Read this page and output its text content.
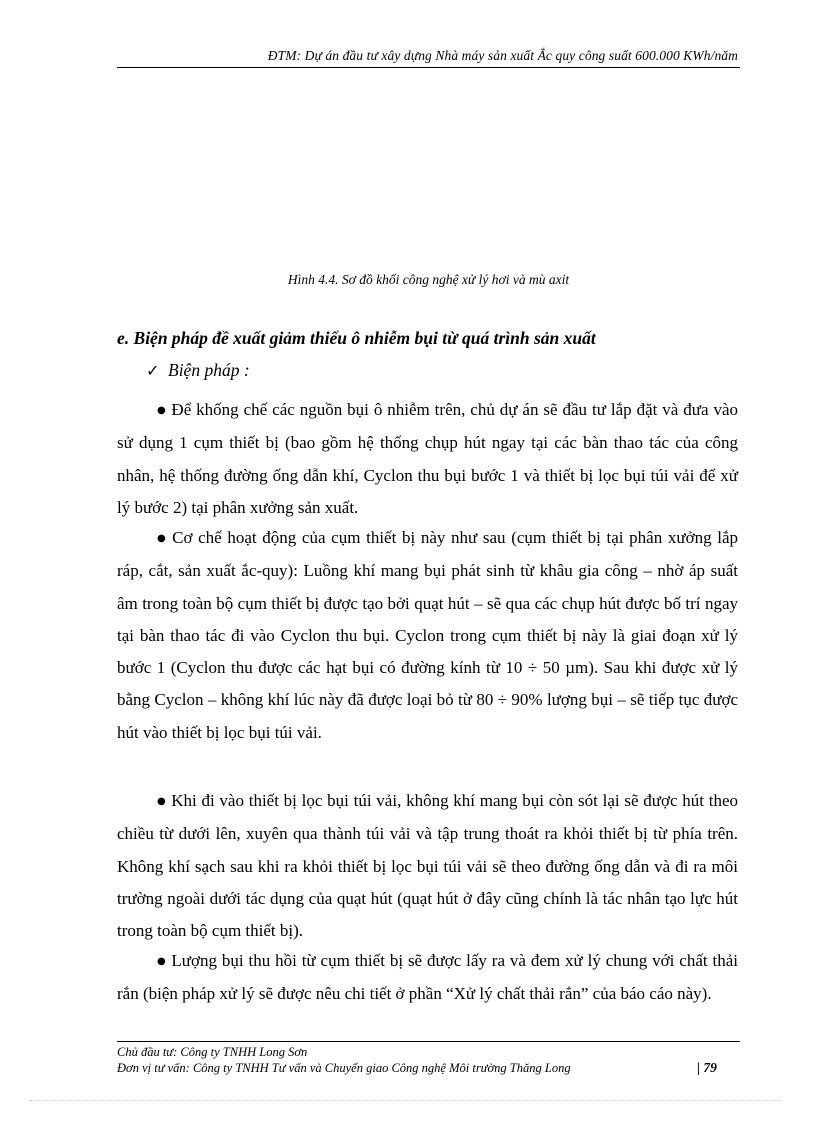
ĐTM: Dự án đầu tư xây dựng Nhà máy sản xuất Ắc quy công suất 600.000 KWh/năm
Hình 4.4. Sơ đồ khối công nghệ xử lý hơi và mù axit
e. Biện pháp đề xuất giảm thiểu ô nhiễm bụi từ quá trình sản xuất
✓ Biện pháp :

● Để khống chế các nguồn bụi ô nhiễm trên, chủ dự án sẽ đầu tư lắp đặt và đưa vào sử dụng 1 cụm thiết bị (bao gồm hệ thống chụp hút ngay tại các bàn thao tác của công nhân, hệ thống đường ống dẫn khí, Cyclon thu bụi bước 1 và thiết bị lọc bụi túi vải để xử lý bước 2) tại phân xưởng sản xuất.

● Cơ chế hoạt động của cụm thiết bị này như sau (cụm thiết bị tại phân xưởng lắp ráp, cắt, sản xuất ắc-quy): Luồng khí mang bụi phát sinh từ khâu gia công – nhờ áp suất âm trong toàn bộ cụm thiết bị được tạo bởi quạt hút – sẽ qua các chụp hút được bố trí ngay tại bàn thao tác đi vào Cyclon thu bụi. Cyclon trong cụm thiết bị này là giai đoạn xử lý bước 1 (Cyclon thu được các hạt bụi có đường kính từ 10 ÷ 50 µm). Sau khi được xử lý bằng Cyclon – không khí lúc này đã được loại bỏ từ 80 ÷ 90% lượng bụi – sẽ tiếp tục được hút vào thiết bị lọc bụi túi vải.

● Khi đi vào thiết bị lọc bụi túi vải, không khí mang bụi còn sót lại sẽ được hút theo chiều từ dưới lên, xuyên qua thành túi vải và tập trung thoát ra khỏi thiết bị từ phía trên. Không khí sạch sau khi ra khỏi thiết bị lọc bụi túi vải sẽ theo đường ống dẫn và đi ra môi trường ngoài dưới tác dụng của quạt hút (quạt hút ở đây cũng chính là tác nhân tạo lực hút trong toàn bộ cụm thiết bị).

● Lượng bụi thu hồi từ cụm thiết bị sẽ được lấy ra và đem xử lý chung với chất thải rắn (biện pháp xử lý sẽ được nêu chi tiết ở phần “Xử lý chất thải rắn” của báo cáo này).

Chủ đầu tư: Công ty TNHH Long Sơn
Đơn vị tư vấn: Công ty TNHH Tư vấn và Chuyển giao Công nghệ Môi trường Thăng Long	| 79
